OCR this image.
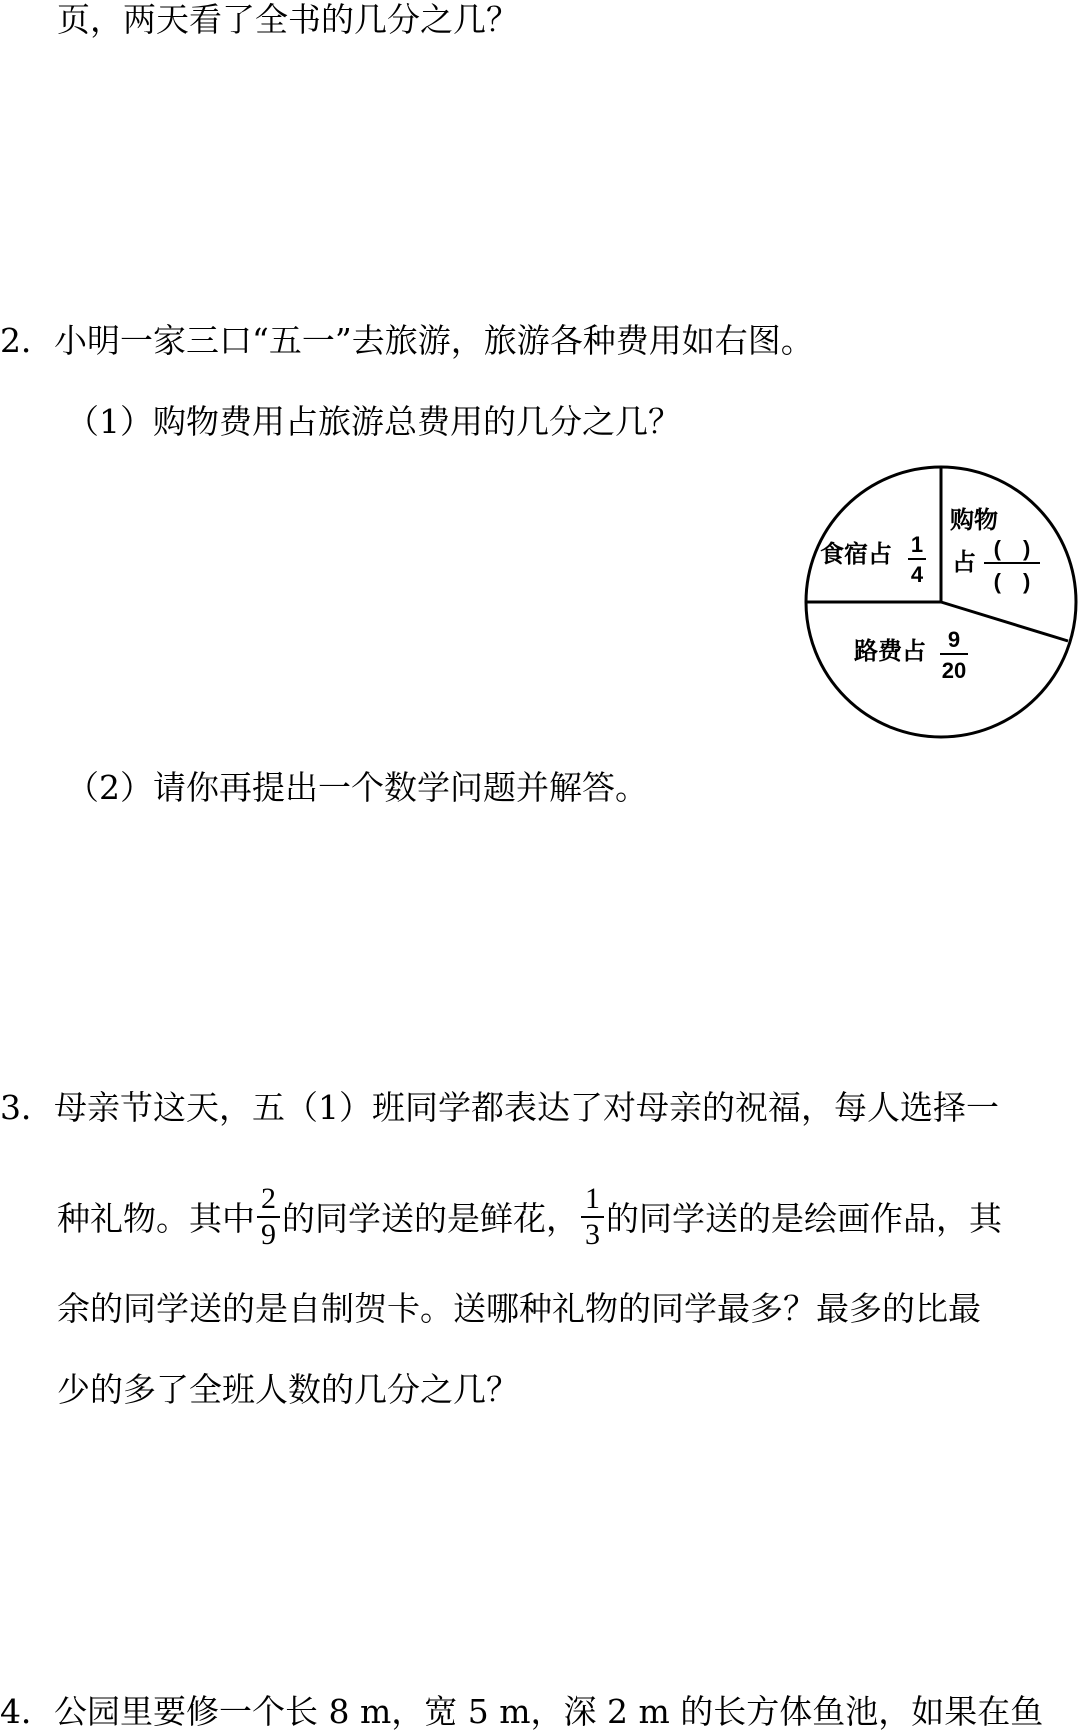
页，两天看了全书的几分之几？
2．小明一家三口“五一”去旅游，旅游各种费用如右图。
（1）购物费用占旅游总费用的几分之几？
食宿占 1
4
购物
占 (　)
(　)
路费占 9
20
（2）请你再提出一个数学问题并解答。
3．母亲节这天，五（1）班同学都表达了对母亲的祝福，每人选择一
种礼物。其中 $\frac{2}{9}$ 的同学送的是鲜花， $\frac{1}{3}$ 的同学送的是绘画作品，其
余的同学送的是自制贺卡。送哪种礼物的同学最多？最多的比最
少的多了全班人数的几分之几？
4．公园里要修一个长 8 m，宽 5 m，深 2 m 的长方体鱼池，如果在鱼
